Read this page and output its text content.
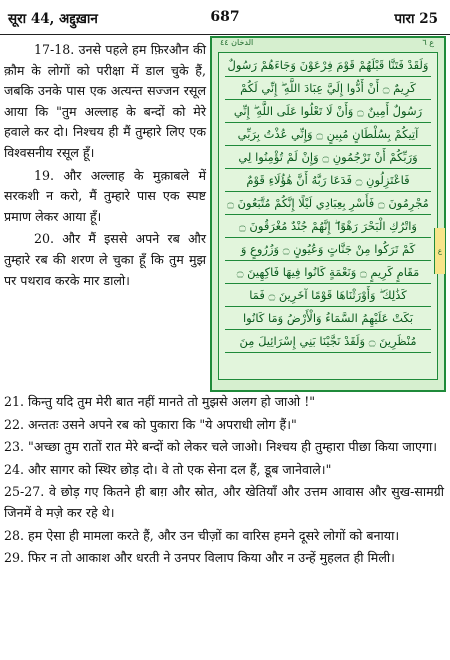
सूरा 44, अद्दुख़ान	687	पारा 25

17-18. उनसे पहले हम फ़िरऔन की क़ौम के लोगों को परीक्षा में डाल चुके हैं, जबकि उनके पास एक अत्यन्त सज्जन रसूल आया कि "तुम अल्लाह के बन्दों को मेरे हवाले कर दो। निश्चय ही मैं तुम्हारे लिए एक विश्वसनीय रसूल हूँ।

19. और अल्लाह के मुक़ाबले में सरकशी न करो, मैं तुम्हारे पास एक स्पष्ट प्रमाण लेकर आया हूँ।

20. और मैं इससे अपने रब और तुम्हारे रब की शरण ले चुका हूँ कि तुम मुझ पर पथराव करके मार डालो।

الدخان ٤٤	ع ٦
وَلَقَدْ فَتَنَّا قَبْلَهُمْ قَوْمَ فِرْعَوْنَ وَجَاءَهُمْ رَسُولٌ
كَرِيمٌ ۝ أَنْ أَدُّوا إِلَيَّ عِبَادَ اللَّهِ ۖ إِنِّي لَكُمْ
رَسُولٌ أَمِينٌ ۝ وَأَنْ لَا تَعْلُوا عَلَى اللَّهِ ۖ إِنِّي
آتِيكُمْ بِسُلْطَانٍ مُبِينٍ ۝ وَإِنِّي عُذْتُ بِرَبِّي
وَرَبِّكُمْ أَنْ تَرْجُمُونِ ۝ وَإِنْ لَمْ تُؤْمِنُوا لِي
فَاعْتَزِلُونِ ۝ فَدَعَا رَبَّهُ أَنَّ هَٰؤُلَاءِ قَوْمٌ
مُجْرِمُونَ ۝ فَأَسْرِ بِعِبَادِي لَيْلًا إِنَّكُمْ مُتَّبَعُونَ ۝
وَاتْرُكِ الْبَحْرَ رَهْوًا ۖ إِنَّهُمْ جُنْدٌ مُغْرَقُونَ ۝
كَمْ تَرَكُوا مِنْ جَنَّاتٍ وَعُيُونٍ ۝ وَزُرُوعٍ وَ
مَقَامٍ كَرِيمٍ ۝ وَنَعْمَةٍ كَانُوا فِيهَا فَاكِهِينَ ۝
كَذَٰلِكَ ۖ وَأَوْرَثْنَاهَا قَوْمًا آخَرِينَ ۝ فَمَا
بَكَتْ عَلَيْهِمُ السَّمَاءُ وَالْأَرْضُ وَمَا كَانُوا
مُنْظَرِينَ ۝ وَلَقَدْ نَجَّيْنَا بَنِي إِسْرَائِيلَ مِنَ
ع

21. किन्तु यदि तुम मेरी बात नहीं मानते तो मुझसे अलग हो जाओ !"

22. अन्ततः उसने अपने रब को पुकारा कि "ये अपराधी लोग हैं।"

23. "अच्छा तुम रातों रात मेरे बन्दों को लेकर चले जाओ। निश्चय ही तुम्हारा पीछा किया जाएगा।

24. और सागर को स्थिर छोड़ दो। वे तो एक सेना दल हैं, डूब जानेवाले।"

25-27. वे छोड़ गए कितने ही बाग़ और स्रोत, और खेतियाँ और उत्तम आवास और सुख-सामग्री जिनमें वे मज़े कर रहे थे।

28. हम ऐसा ही मामला करते हैं, और उन चीज़ों का वारिस हमने दूसरे लोगों को बनाया।

29. फिर न तो आकाश और धरती ने उनपर विलाप किया और न उन्हें मुहलत ही मिली।
